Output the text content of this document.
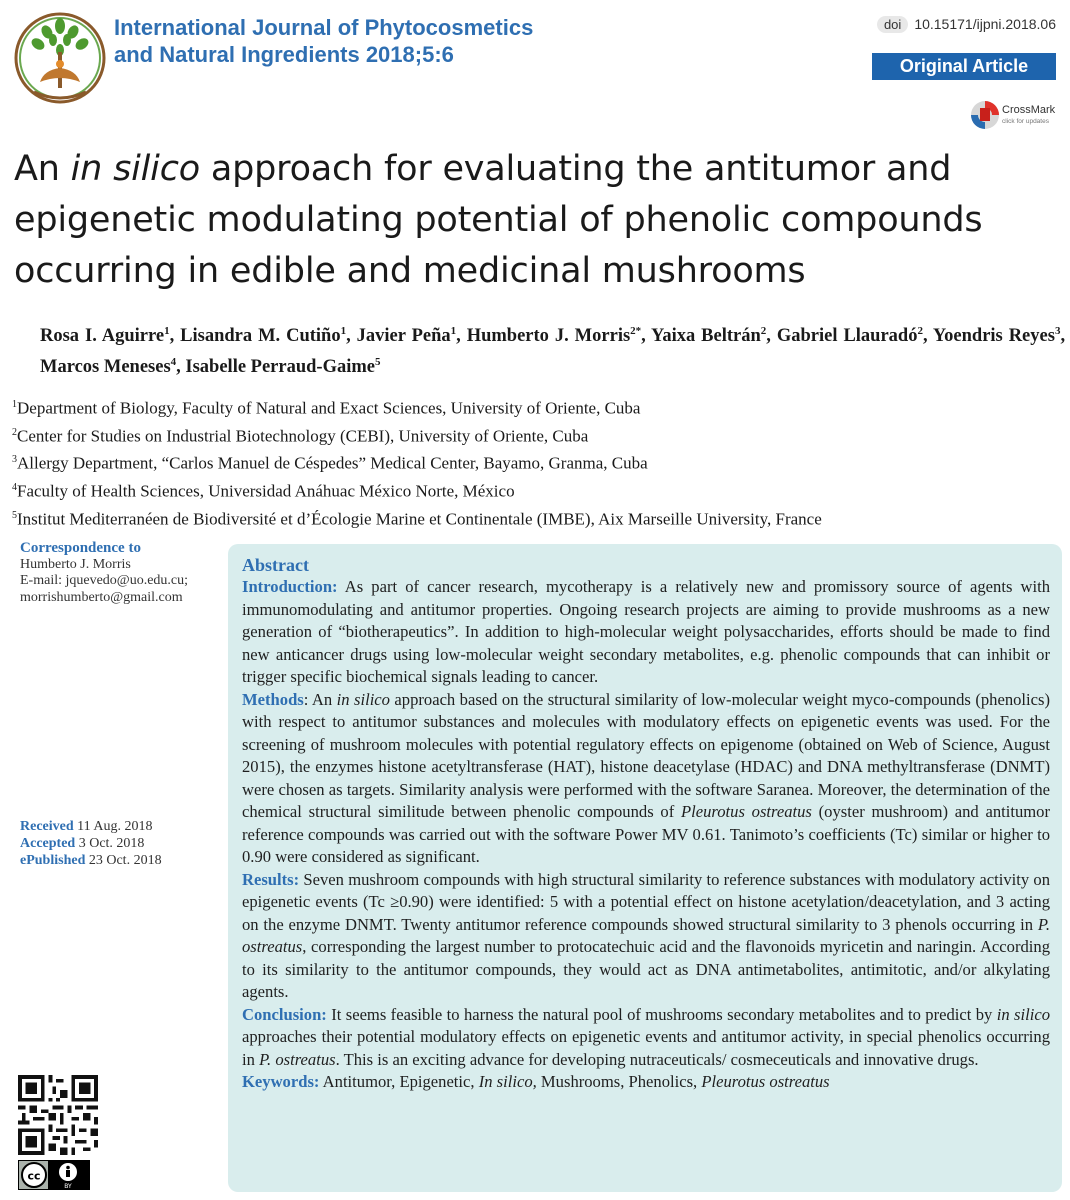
International Journal of Phytocosmetics
and Natural Ingredients 2018;5:6
doi 10.15171/ijpni.2018.06
Original Article
CrossMark
click for updates
An in silico approach for evaluating the antitumor and epigenetic modulating potential of phenolic compounds occurring in edible and medicinal mushrooms
Rosa I. Aguirre$^1$, Lisandra M. Cutiño$^1$, Javier Peña$^1$, Humberto J. Morris$^{2*}$, Yaixa Beltrán$^2$, Gabriel Llauradó$^2$, Yoendris Reyes$^3$, Marcos Meneses$^4$, Isabelle Perraud-Gaime$^5$
$^1$Department of Biology, Faculty of Natural and Exact Sciences, University of Oriente, Cuba
$^2$Center for Studies on Industrial Biotechnology (CEBI), University of Oriente, Cuba
$^3$Allergy Department, “Carlos Manuel de Céspedes” Medical Center, Bayamo, Granma, Cuba
$^4$Faculty of Health Sciences, Universidad Anáhuac México Norte, México
$^5$Institut Mediterranéen de Biodiversité et d’Écologie Marine et Continentale (IMBE), Aix Marseille University, France
Correspondence to
Humberto J. Morris
E-mail: jquevedo@uo.edu.cu;
morrishumberto@gmail.com
Received 11 Aug. 2018
Accepted 3 Oct. 2018
ePublished 23 Oct. 2018
cc
BY
Abstract
Introduction: As part of cancer research, mycotherapy is a relatively new and promissory source of agents with immunomodulating and antitumor properties. Ongoing research projects are aiming to provide mushrooms as a new generation of “biotherapeutics”. In addition to high-molecular weight polysaccharides, efforts should be made to find new anticancer drugs using low-molecular weight secondary metabolites, e.g. phenolic compounds that can inhibit or trigger specific biochemical signals leading to cancer.
Methods: An in silico approach based on the structural similarity of low-molecular weight myco-compounds (phenolics) with respect to antitumor substances and molecules with modulatory effects on epigenetic events was used. For the screening of mushroom molecules with potential regulatory effects on epigenome (obtained on Web of Science, August 2015), the enzymes histone acetyltransferase (HAT), histone deacetylase (HDAC) and DNA methyltransferase (DNMT) were chosen as targets. Similarity analysis were performed with the software Saranea. Moreover, the determination of the chemical structural similitude between phenolic compounds of Pleurotus ostreatus (oyster mushroom) and antitumor reference compounds was carried out with the software Power MV 0.61. Tanimoto’s coefficients (Tc) similar or higher to 0.90 were considered as significant.
Results: Seven mushroom compounds with high structural similarity to reference substances with modulatory activity on epigenetic events (Tc ≥0.90) were identified: 5 with a potential effect on histone acetylation/deacetylation, and 3 acting on the enzyme DNMT. Twenty antitumor reference compounds showed structural similarity to 3 phenols occurring in P. ostreatus, corresponding the largest number to protocatechuic acid and the flavonoids myricetin and naringin. According to its similarity to the antitumor compounds, they would act as DNA antimetabolites, antimitotic, and/or alkylating agents.
Conclusion: It seems feasible to harness the natural pool of mushrooms secondary metabolites and to predict by in silico approaches their potential modulatory effects on epigenetic events and antitumor activity, in special phenolics occurring in P. ostreatus. This is an exciting advance for developing nutraceuticals/ cosmeceuticals and innovative drugs.
Keywords: Antitumor, Epigenetic, In silico, Mushrooms, Phenolics, Pleurotus ostreatus
